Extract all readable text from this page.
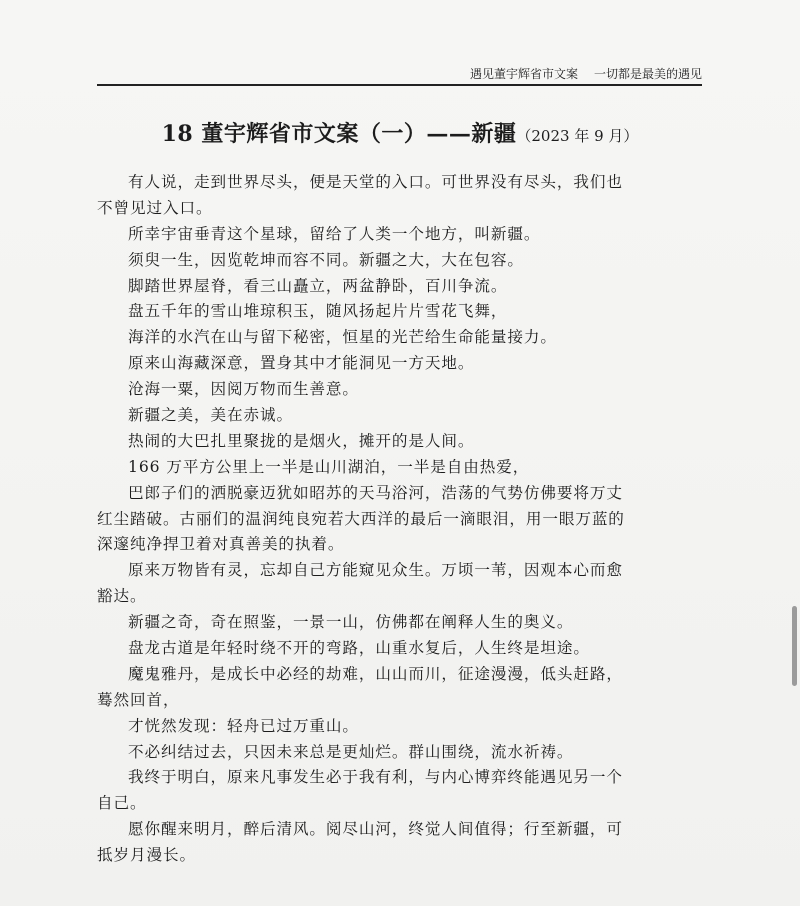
遇见董宇辉省市文案 一切都是最美的遇见
18 董宇辉省市文案（一）——新疆（2023 年 9 月）
有人说，走到世界尽头，便是天堂的入口。可世界没有尽头，我们也
不曾见过入口。
所幸宇宙垂青这个星球，留给了人类一个地方，叫新疆。
须臾一生，因览乾坤而容不同。新疆之大，大在包容。
脚踏世界屋脊，看三山矗立，两盆静卧，百川争流。
盘五千年的雪山堆琼积玉，随风扬起片片雪花飞舞，
海洋的水汽在山与留下秘密，恒星的光芒给生命能量接力。
原来山海藏深意，置身其中才能洞见一方天地。
沧海一粟，因阅万物而生善意。
新疆之美，美在赤诚。
热闹的大巴扎里聚拢的是烟火，摊开的是人间。
166 万平方公里上一半是山川湖泊，一半是自由热爱，
巴郎子们的洒脱豪迈犹如昭苏的天马浴河，浩荡的气势仿佛要将万丈
红尘踏破。古丽们的温润纯良宛若大西洋的最后一滴眼泪，用一眼万蓝的
深邃纯净捍卫着对真善美的执着。
原来万物皆有灵，忘却自己方能窥见众生。万顷一苇，因观本心而愈
豁达。
新疆之奇，奇在照鉴，一景一山，仿佛都在阐释人生的奥义。
盘龙古道是年轻时绕不开的弯路，山重水复后，人生终是坦途。
魔鬼雅丹，是成长中必经的劫难，山山而川，征途漫漫，低头赶路，
蓦然回首，
才恍然发现：轻舟已过万重山。
不必纠结过去，只因未来总是更灿烂。群山围绕，流水祈祷。
我终于明白，原来凡事发生必于我有利，与内心博弈终能遇见另一个
自己。
愿你醒来明月，醉后清风。阅尽山河，终觉人间值得；行至新疆，可
抵岁月漫长。
